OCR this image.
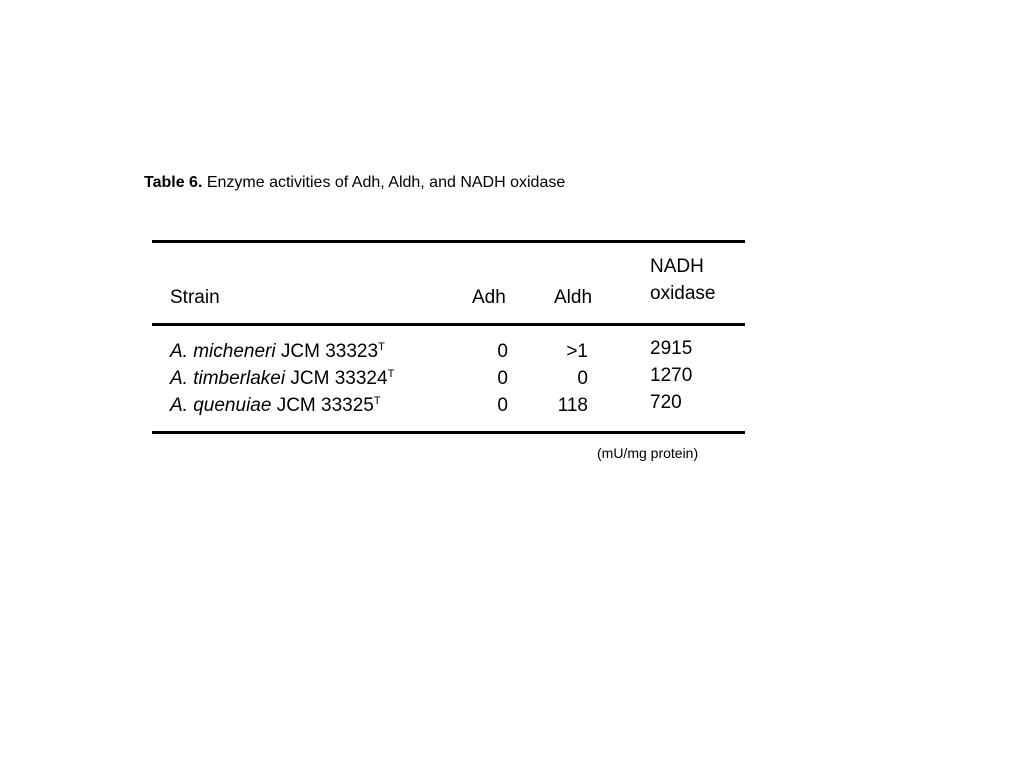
Table 6. Enzyme activities of Adh, Aldh, and NADH oxidase
Strain	Adh	Aldh
NADH
oxidase
A. micheneri JCM $33323^T$
A. timberlakei JCM $33324^T$
A. quenuiae JCM $33325^T$
0
0
0
>1
0
118
2915
1270
720
(mU/mg protein)
